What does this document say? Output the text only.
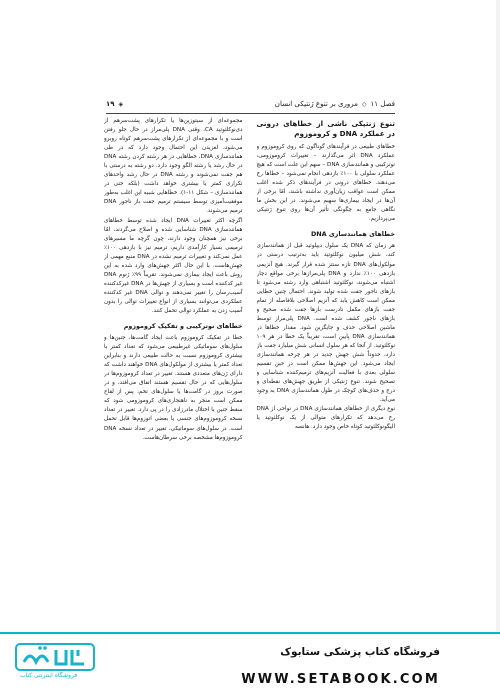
فصل ۱۱
◇
مروری بر تنوع ژنتیکی انسان
◈
۱۹
تنوع ژنتیکی ناشی از خطاهای درونی در عملکرد DNA و کروموزوم

خطاهای طبیعی در فرآیندهای گوناگون که روی کروموزوم و عملکرد DNA اثر می‌گذارند – تغییرات کروموزومی، نوترکیبی و همانندسازی DNA – سهم این علت است که هیچ عملکرد سلولی با ۱۰۰٪ بازدهی انجام نمی‌شود – خطاها رخ می‌دهند. خطاهای درونی در فرآیندهای ذکر شده اغلب ممکن است عواقب زیان‌آوری نداشته باشند، امّا برخی از آن‌ها در ایجاد بیماری‌ها سهیم می‌شوند. در این بخش ما نگاهی جامع به چگونگی تأثیر آن‌ها روی تنوع ژنتیکی می‌پردازیم.

خطاهای همانندسازی DNA

هر زمان که DNA یک سلول دیپلوئید قبل از همانندسازی کند، شش میلیون نوکلئوتید باید به‌ترتیب درستی در مولکول‌های DNA تازه سنتز شده قرار گیرند. هیچ آنزیمی بازدهی ۱۰۰٪ ندارد و DNA پلی‌مرازها برخی مواقع دچار اشتباه می‌شوند، نوکلئوتید اشتباهی وارد رشته می‌شود تا بازهای ناجور جفت شده تولید شوند. احتمال چنین خطایی ممکن است کاهش یابد که آنزیم اصلاحی بلافاصله از تمام جفت بازهای مکمل نادرست بازها جفت شده صحیح و بازهای ناجور کشف شده است. DNA پلی‌مراز توسط ماشین اصلاحی حذف و جایگزین شود. مقدار خطاها در همانندسازی DNA پایین است، تقریباً یک خطا در هر ۱۰۹ نوکلئوتید. از آنجا که هر سلول انسانی شش میلیارد جفت باز دارد، حدوداً شش جهش جدید در هر چرخه همانندسازی ایجاد می‌شود. این جهش‌ها ممکن است در حین تقسیم سلولی بعدی با فعالیت آنزیم‌های ترمیم‌کننده شناسایی و تصحیح شوند. تنوع ژنتیکی از طریق جهش‌های نقطه‌ای و درج و حذف‌های کوچک در طول همانندسازی DNA به وجود می‌آید.

نوع دیگری از خطاهای همانندسازی DNA در نواحی از DNA رخ می‌دهد که تکرارهای متوالی از یک نوکلئوتید یا الیگونوکلئوتید کوتاه خاص وجود دارد. هانسه

مجموعه‌ای از سیتوزین‌ها یا تکرارهای پشت‌سرهم از دی‌نوکلئوتید CA، وقتی DNA پلی‌مراز در حال جلو رفتن است و با مجموعه‌ای از تکرارهای پشت‌سرهم کوتاه روبرو می‌شود، لغزیدن این احتمال وجود دارد که در طی همانندسازی DNA، خطاهایی در هر رشته کردن رشته DNA در حال رشد یا رشته الگو وجود دارد. دو رشته به درستی با هم جفت نمی‌شوند و رشته DNA در حال رشد واحدهای تکراری کمتر یا بیشتری خواهد داشت (بلکه حتی در همانندسازی – شکل ۱۱-۱). خطاهایی شبیه این اغلب به‌طور موفقیت‌آمیزی توسط سیستم ترمیم جفت باز ناجور DNA ترمیم می‌شوند.

اگرچه اکثر تغییرات DNA ایجاد شده توسط خطاهای همانندسازی DNA شناسایی شده و اصلاح می‌گردند، امّا برخی نیز همچنان وجود دارند، چون گرچه ما مسیرهای ترمیمی بسیار کارآمدی داریم، ترمیم نیز با بازدهی ۱۰۰٪ عمل نمی‌کند و تغییرات ترمیم نشده در DNA منبع مهمی از جهش‌هاست. با این حال اکثر جهش‌های وارد شده به این روش باعث ایجاد بیماری نمی‌شوند. تقریباً ۹۹٪ ژنوم DNA غیر کدکننده است و بسیاری از جهش‌ها در DNA غیرکدکننده آسیب‌رسان را تغییر نمی‌دهند و توالی DNA غیر کدکننده عملکردی می‌توانند بسیاری از انواع تغییرات توالی را بدون آسیب زدن به عملکرد توالی تحمل کنند.

خطاهای نوترکیبی و تفکیک کروموزوم

خطا در تفکیک کروموزوم باعث ایجاد گامت‌ها، جنین‌ها و سلول‌های سوماتیکی غیرطبیعی می‌شود که تعداد کمتر یا بیشتری کروموزوم نسبت به حالت طبیعی دارند و بنابراین تعداد کمتر یا بیشتری از مولکول‌های DNA خواهند داشت که دارای ژن‌های متعددی هستند. تغییر در تعداد کروموزوم‌ها در سلول‌هایی که در حال تقسیم هستند اتفاق می‌افتد، و در صورت بروز در گامت‌ها یا سلول‌های تخم، پس از لقاح ممکن است منجر به ناهنجاری‌های کروموزومی شود که سقط جنین یا اختلال مادرزادی را در پی دارد. تغییر در تعداد نسخه کروموزوم‌های جنسی یا بعضی اتوزوم‌ها قابل تحمل است. در سلول‌های سوماتیکی، تغییر در تعداد نسخه DNA کروموزوم‌ها مشخصه برخی سرطان‌هاست.

فروشگاه اینترنتی کتاب
فروشگاه کتاب پزشکی ستابوک
WWW.SETABOOK.COM
